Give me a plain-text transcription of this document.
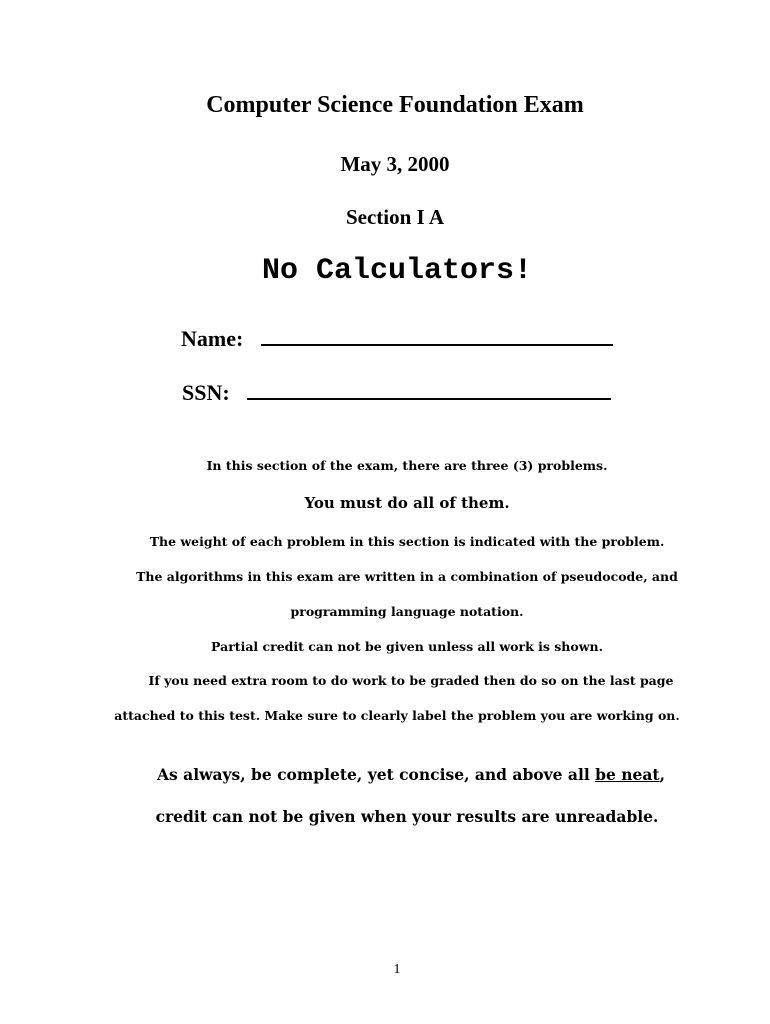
Computer Science Foundation Exam
May 3, 2000
Section I A
No Calculators!
Name:
SSN:
In this section of the exam, there are three (3) problems.
You must do all of them.
The weight of each problem in this section is indicated with the problem.
The algorithms in this exam are written in a combination of pseudocode, and
programming language notation.
Partial credit can not be given unless all work is shown.
If you need extra room to do work to be graded then do so on the last page
attached to this test. Make sure to clearly label the problem you are working on.
As always, be complete, yet concise, and above all be neat,
credit can not be given when your results are unreadable.
1
